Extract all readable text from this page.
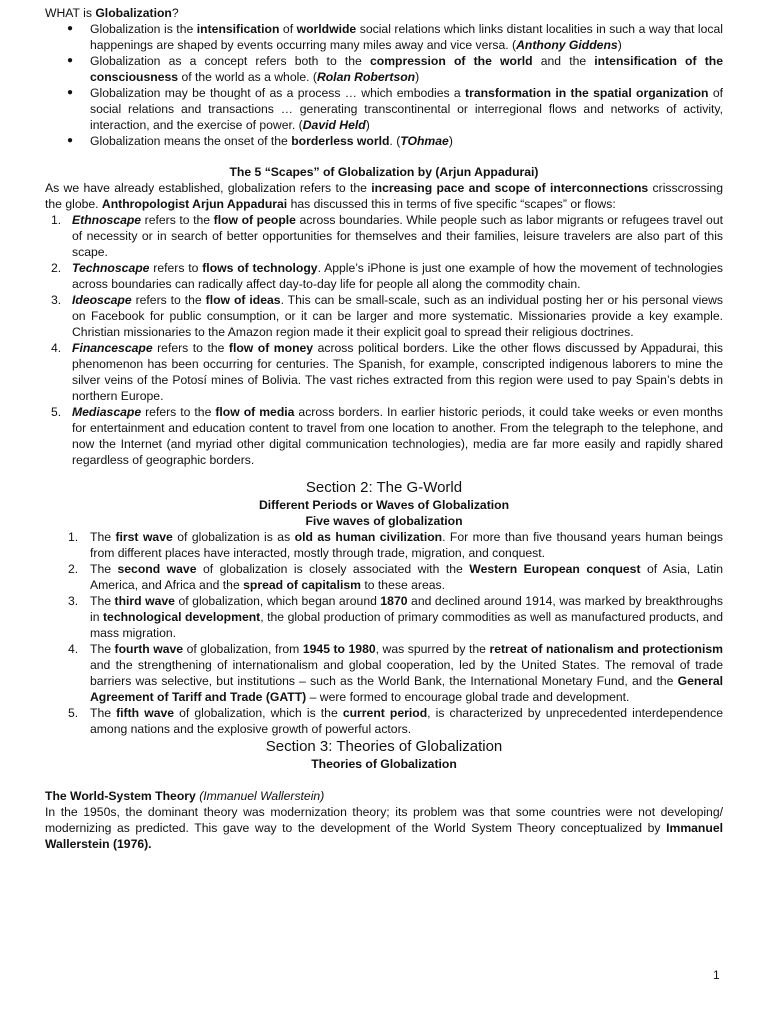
WHAT is Globalization?

● Globalization is the intensification of worldwide social relations which links distant localities in such a way that local happenings are shaped by events occurring many miles away and vice versa. (Anthony Giddens)
● Globalization as a concept refers both to the compression of the world and the intensification of the consciousness of the world as a whole. (Rolan Robertson)
● Globalization may be thought of as a process … which embodies a transformation in the spatial organization of social relations and transactions … generating transcontinental or interregional flows and networks of activity, interaction, and the exercise of power. (David Held)
● Globalization means the onset of the borderless world. (TOhmae)

The 5 “Scapes” of Globalization by (Arjun Appadurai)

As we have already established, globalization refers to the increasing pace and scope of interconnections crisscrossing the globe. Anthropologist Arjun Appadurai has discussed this in terms of five specific “scapes” or flows:

1. Ethnoscape refers to the flow of people across boundaries. While people such as labor migrants or refugees travel out of necessity or in search of better opportunities for themselves and their families, leisure travelers are also part of this scape.
2. Technoscape refers to flows of technology. Apple’s iPhone is just one example of how the movement of technologies across boundaries can radically affect day-to-day life for people all along the commodity chain.
3. Ideoscape refers to the flow of ideas. This can be small-scale, such as an individual posting her or his personal views on Facebook for public consumption, or it can be larger and more systematic. Missionaries provide a key example. Christian missionaries to the Amazon region made it their explicit goal to spread their religious doctrines.
4. Financescape refers to the flow of money across political borders. Like the other flows discussed by Appadurai, this phenomenon has been occurring for centuries. The Spanish, for example, conscripted indigenous laborers to mine the silver veins of the Potosí mines of Bolivia. The vast riches extracted from this region were used to pay Spain’s debts in northern Europe.
5. Mediascape refers to the flow of media across borders. In earlier historic periods, it could take weeks or even months for entertainment and education content to travel from one location to another. From the telegraph to the telephone, and now the Internet (and myriad other digital communication technologies), media are far more easily and rapidly shared regardless of geographic borders.

Section 2: The G-World

Different Periods or Waves of Globalization

Five waves of globalization

1. The first wave of globalization is as old as human civilization. For more than five thousand years human beings from different places have interacted, mostly through trade, migration, and conquest.
2. The second wave of globalization is closely associated with the Western European conquest of Asia, Latin America, and Africa and the spread of capitalism to these areas.
3. The third wave of globalization, which began around 1870 and declined around 1914, was marked by breakthroughs in technological development, the global production of primary commodities as well as manufactured products, and mass migration.
4. The fourth wave of globalization, from 1945 to 1980, was spurred by the retreat of nationalism and protectionism and the strengthening of internationalism and global cooperation, led by the United States. The removal of trade barriers was selective, but institutions – such as the World Bank, the International Monetary Fund, and the General Agreement of Tariff and Trade (GATT) – were formed to encourage global trade and development.
5. The fifth wave of globalization, which is the current period, is characterized by unprecedented interdependence among nations and the explosive growth of powerful actors.

Section 3: Theories of Globalization

Theories of Globalization

The World-System Theory (Immanuel Wallerstein)

In the 1950s, the dominant theory was modernization theory; its problem was that some countries were not developing/ modernizing as predicted. This gave way to the development of the World System Theory conceptualized by Immanuel Wallerstein (1976).

1
